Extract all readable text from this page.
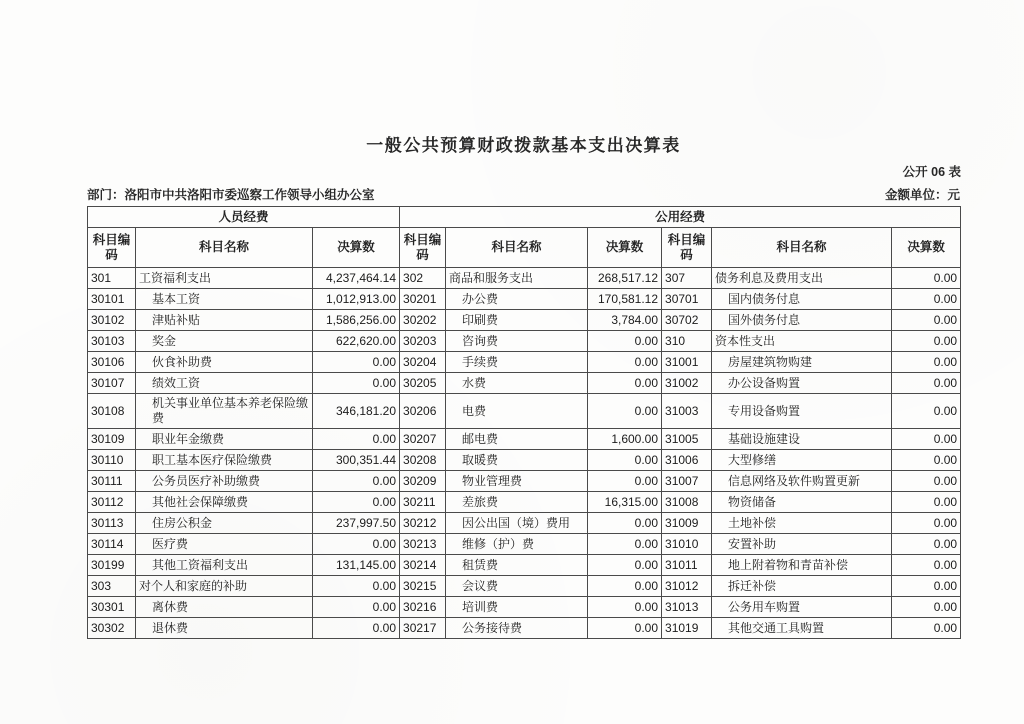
一般公共预算财政拨款基本支出决算表
公开 06 表
部门：洛阳市中共洛阳市委巡察工作领导小组办公室	金额单位：元
人员经费			公用经费					
科目编码	科目名称	决算数	科目编码	科目名称	决算数	科目编码	科目名称	决算数
301	工资福利支出	4,237,464.14	302	商品和服务支出	268,517.12	307	债务利息及费用支出	0.00
30101	基本工资	1,012,913.00	30201	办公费	170,581.12	30701	国内债务付息	0.00
30102	津贴补贴	1,586,256.00	30202	印刷费	3,784.00	30702	国外债务付息	0.00
30103	奖金	622,620.00	30203	咨询费	0.00	310	资本性支出	0.00
30106	伙食补助费	0.00	30204	手续费	0.00	31001	房屋建筑物购建	0.00
30107	绩效工资	0.00	30205	水费	0.00	31002	办公设备购置	0.00
30108	机关事业单位基本养老保险缴费	346,181.20	30206	电费	0.00	31003	专用设备购置	0.00
30109	职业年金缴费	0.00	30207	邮电费	1,600.00	31005	基础设施建设	0.00
30110	职工基本医疗保险缴费	300,351.44	30208	取暖费	0.00	31006	大型修缮	0.00
30111	公务员医疗补助缴费	0.00	30209	物业管理费	0.00	31007	信息网络及软件购置更新	0.00
30112	其他社会保障缴费	0.00	30211	差旅费	16,315.00	31008	物资储备	0.00
30113	住房公积金	237,997.50	30212	因公出国（境）费用	0.00	31009	土地补偿	0.00
30114	医疗费	0.00	30213	维修（护）费	0.00	31010	安置补助	0.00
30199	其他工资福利支出	131,145.00	30214	租赁费	0.00	31011	地上附着物和青苗补偿	0.00
303	对个人和家庭的补助	0.00	30215	会议费	0.00	31012	拆迁补偿	0.00
30301	离休费	0.00	30216	培训费	0.00	31013	公务用车购置	0.00
30302	退休费	0.00	30217	公务接待费	0.00	31019	其他交通工具购置	0.00
